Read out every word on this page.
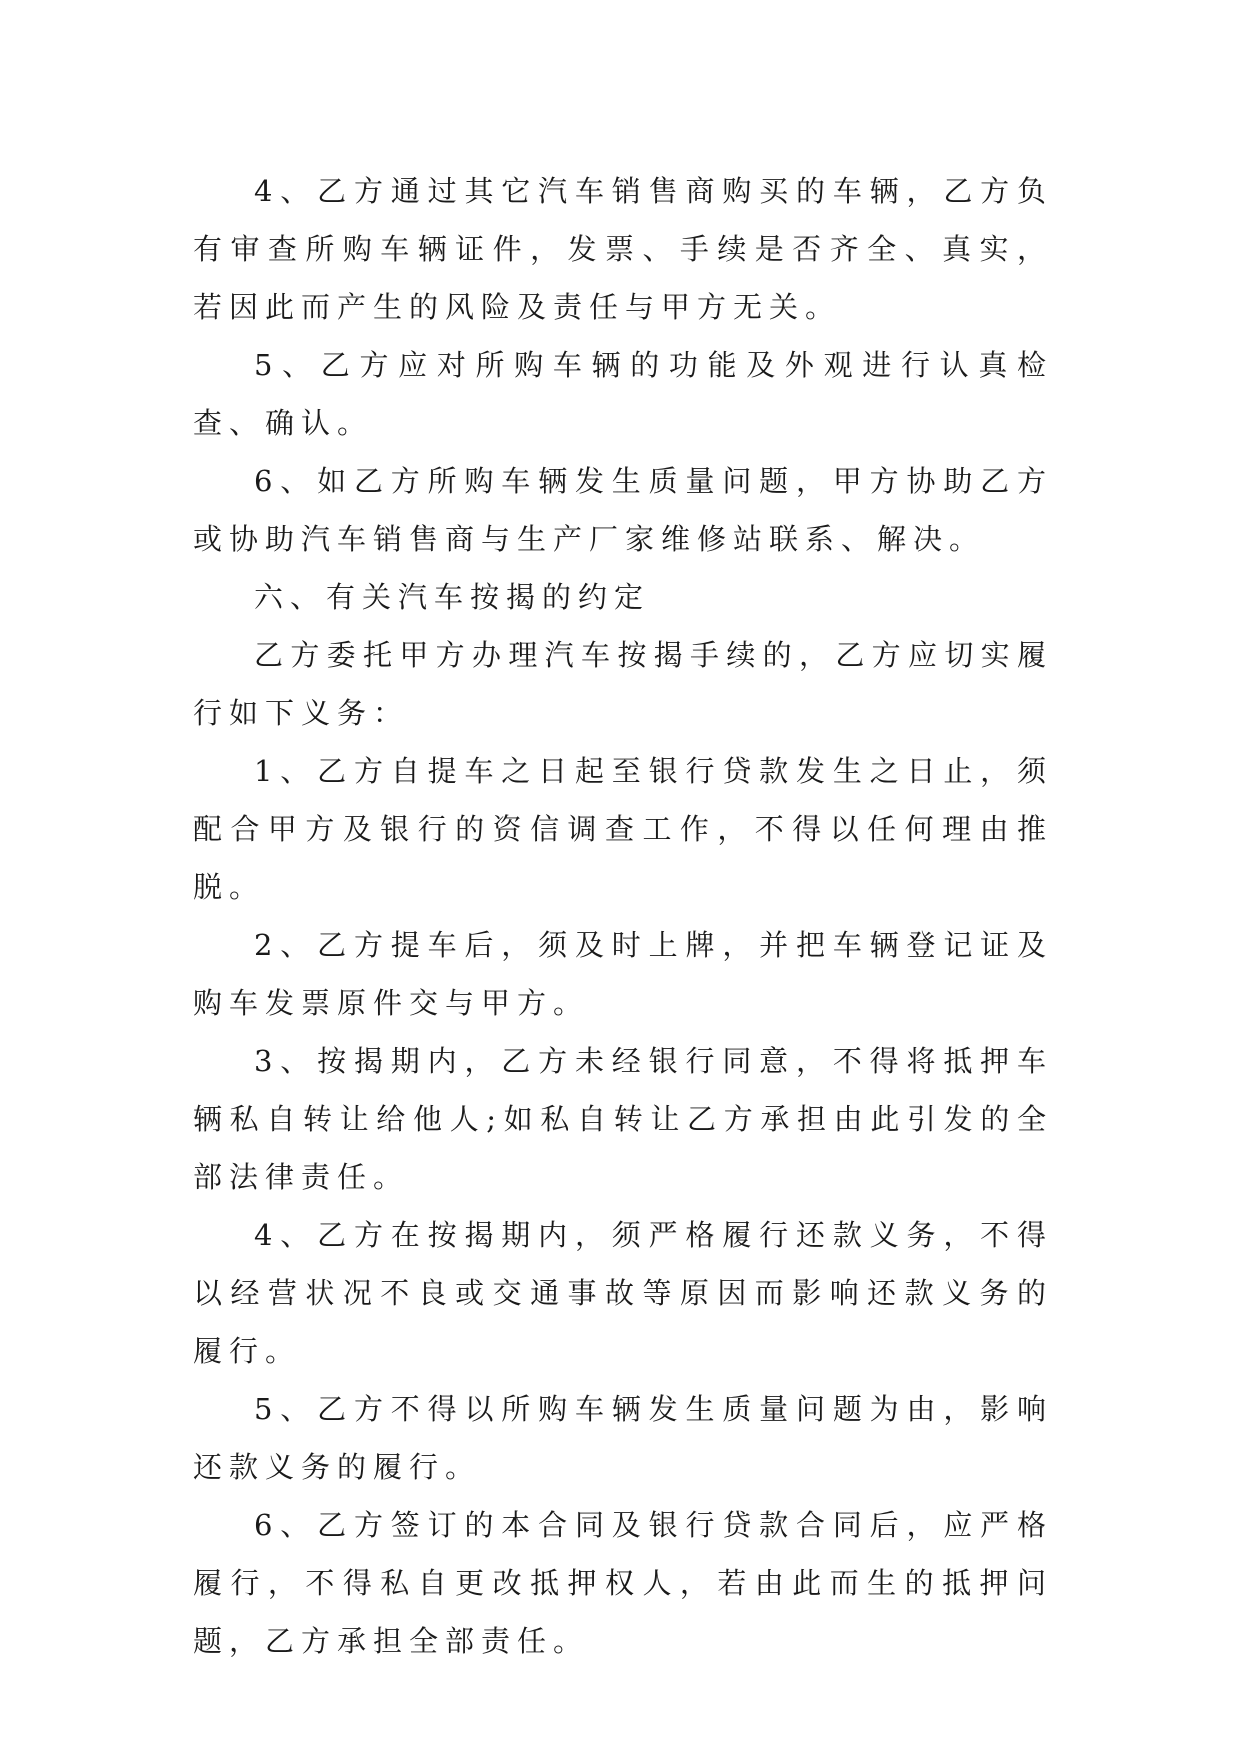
4、乙方通过其它汽车销售商购买的车辆，乙方负有审查所购车辆证件，发票、手续是否齐全、真实，若因此而产生的风险及责任与甲方无关。

5、乙方应对所购车辆的功能及外观进行认真检查、确认。

6、如乙方所购车辆发生质量问题，甲方协助乙方或协助汽车销售商与生产厂家维修站联系、解决。

六、有关汽车按揭的约定

乙方委托甲方办理汽车按揭手续的，乙方应切实履行如下义务：

1、乙方自提车之日起至银行贷款发生之日止，须配合甲方及银行的资信调查工作，不得以任何理由推脱。

2、乙方提车后，须及时上牌，并把车辆登记证及购车发票原件交与甲方。

3、按揭期内，乙方未经银行同意，不得将抵押车辆私自转让给他人;如私自转让乙方承担由此引发的全部法律责任。

4、乙方在按揭期内，须严格履行还款义务，不得以经营状况不良或交通事故等原因而影响还款义务的履行。

5、乙方不得以所购车辆发生质量问题为由，影响还款义务的履行。

6、乙方签订的本合同及银行贷款合同后，应严格履行，不得私自更改抵押权人，若由此而生的抵押问题，乙方承担全部责任。
